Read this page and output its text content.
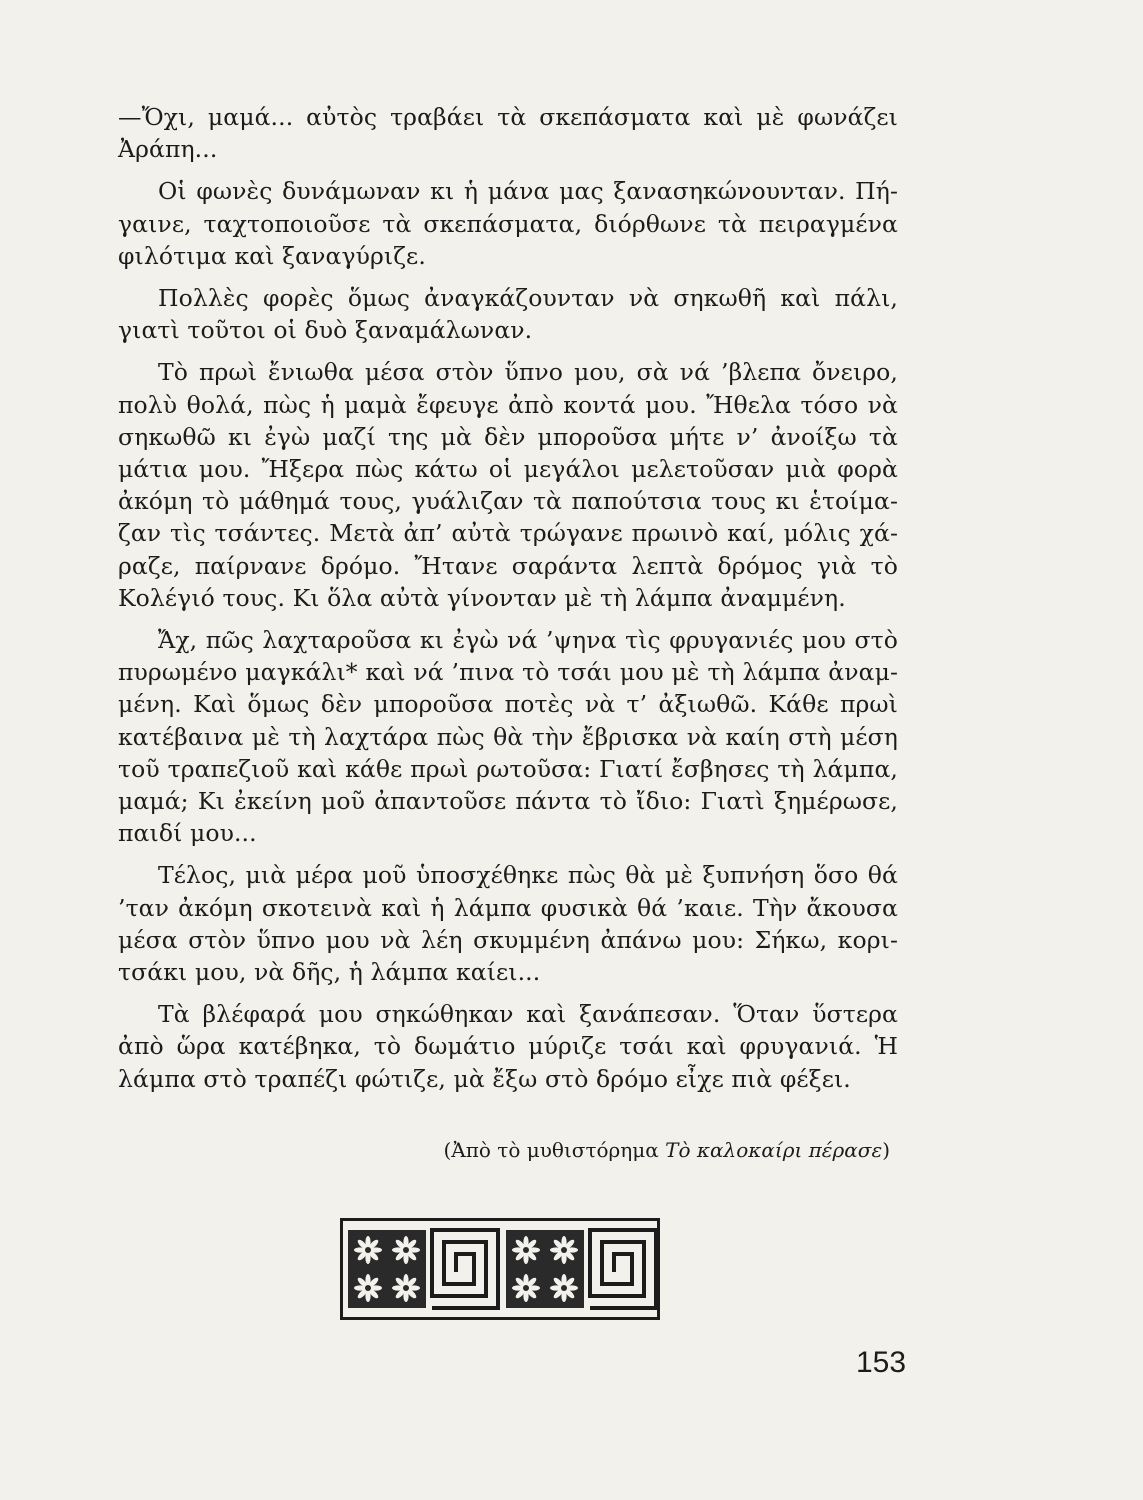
—Ὄχι, μαμά... αὐτὸς τραβάει τὰ σκεπάσματα καὶ μὲ φωνάζει
Ἀράπη...
Οἱ φωνὲς δυνάμωναν κι ἡ μάνα μας ξανασηκώνουνταν. Πή-
γαινε, ταχτοποιοῦσε τὰ σκεπάσματα, διόρθωνε τὰ πειραγμένα
φιλότιμα καὶ ξαναγύριζε.
Πολλὲς φορὲς ὅμως ἀναγκάζουνταν νὰ σηκωθῆ καὶ πάλι,
γιατὶ τοῦτοι οἱ δυὸ ξαναμάλωναν.
Τὸ πρωὶ ἔνιωθα μέσα στὸν ὕπνο μου, σὰ νά ’βλεπα ὄνειρο,
πολὺ θολά, πὼς ἡ μαμὰ ἔφευγε ἀπὸ κοντά μου. Ἤθελα τόσο νὰ
σηκωθῶ κι ἐγὼ μαζί της μὰ δὲν μποροῦσα μήτε ν’ ἀνοίξω τὰ
μάτια μου. Ἤξερα πὼς κάτω οἱ μεγάλοι μελετοῦσαν μιὰ φορὰ
ἀκόμη τὸ μάθημά τους, γυάλιζαν τὰ παπούτσια τους κι ἑτοίμα-
ζαν τὶς τσάντες. Μετὰ ἀπ’ αὐτὰ τρώγανε πρωινὸ καί, μόλις χά-
ραζε, παίρνανε δρόμο. Ἤτανε σαράντα λεπτὰ δρόμος γιὰ τὸ
Κολέγιό τους. Κι ὅλα αὐτὰ γίνονταν μὲ τὴ λάμπα ἀναμμένη.
Ἄχ, πῶς λαχταροῦσα κι ἐγὼ νά ’ψηνα τὶς φρυγανιές μου στὸ
πυρωμένο μαγκάλι* καὶ νά ’πινα τὸ τσάι μου μὲ τὴ λάμπα ἀναμ-
μένη. Καὶ ὅμως δὲν μποροῦσα ποτὲς νὰ τ’ ἀξιωθῶ. Κάθε πρωὶ
κατέβαινα μὲ τὴ λαχτάρα πὼς θὰ τὴν ἔβρισκα νὰ καίη στὴ μέση
τοῦ τραπεζιοῦ καὶ κάθε πρωὶ ρωτοῦσα: Γιατί ἔσβησες τὴ λάμπα,
μαμά; Κι ἐκείνη μοῦ ἀπαντοῦσε πάντα τὸ ἴδιο: Γιατὶ ξημέρωσε,
παιδί μου...
Τέλος, μιὰ μέρα μοῦ ὑποσχέθηκε πὼς θὰ μὲ ξυπνήση ὅσο θά
’ταν ἀκόμη σκοτεινὰ καὶ ἡ λάμπα φυσικὰ θά ’καιε. Τὴν ἄκουσα
μέσα στὸν ὕπνο μου νὰ λέη σκυμμένη ἀπάνω μου: Σήκω, κορι-
τσάκι μου, νὰ δῆς, ἡ λάμπα καίει...
Τὰ βλέφαρά μου σηκώθηκαν καὶ ξανάπεσαν. Ὅταν ὕστερα
ἀπὸ ὥρα κατέβηκα, τὸ δωμάτιο μύριζε τσάι καὶ φρυγανιά. Ἡ
λάμπα στὸ τραπέζι φώτιζε, μὰ ἔξω στὸ δρόμο εἶχε πιὰ φέξει.
(Ἀπὸ τὸ μυθιστόρημα Τὸ καλοκαίρι πέρασε)
153
